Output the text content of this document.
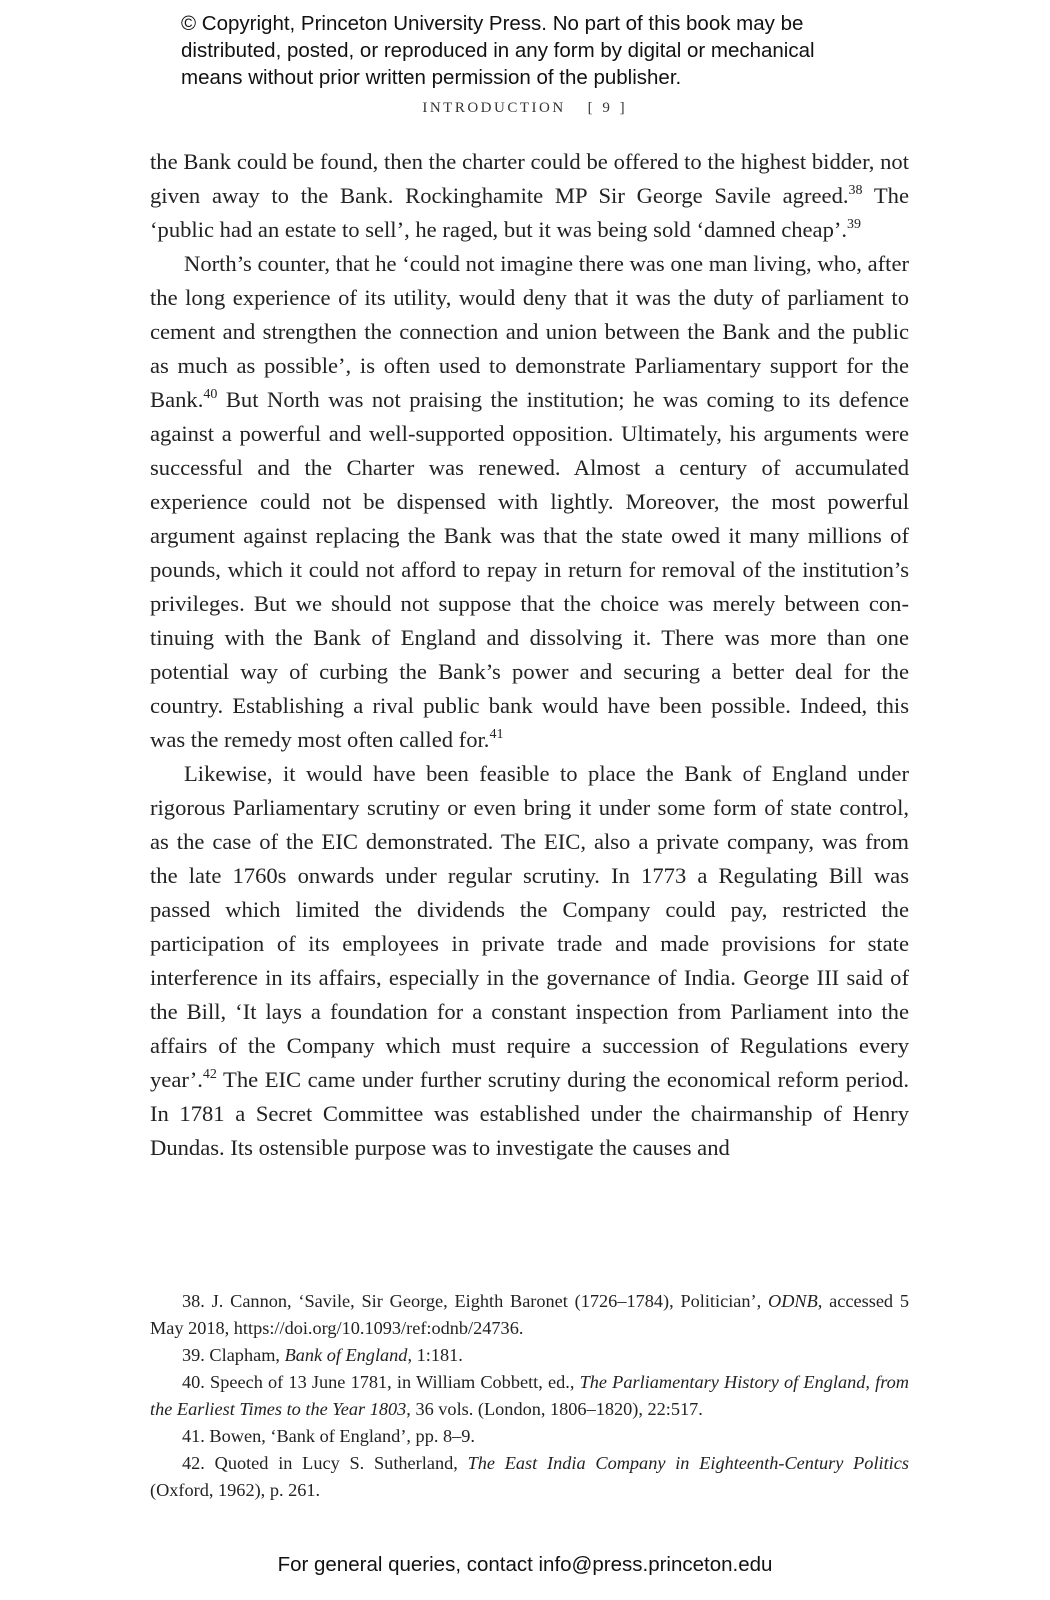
© Copyright, Princeton University Press. No part of this book may be
distributed, posted, or reproduced in any form by digital or mechanical
means without prior written permission of the publisher.
INTRODUCTION [ 9 ]

the Bank could be found, then the charter could be offered to the highest bidder, not given away to the Bank. Rockinghamite MP Sir George Savile agreed.$^{38}$ The ‘public had an estate to sell’, he raged, but it was being sold ‘damned cheap’.$^{39}$

North’s counter, that he ‘could not imagine there was one man living, who, after the long experience of its utility, would deny that it was the duty of parliament to cement and strengthen the connection and union between the Bank and the public as much as possible’, is often used to demonstrate Parliamentary support for the Bank.$^{40}$ But North was not praising the institution; he was coming to its defence against a powerful and well-supported opposition. Ultimately, his arguments were successful and the Charter was renewed. Almost a century of accumulated experience could not be dispensed with lightly. Moreover, the most powerful argument against replacing the Bank was that the state owed it many millions of pounds, which it could not afford to repay in return for removal of the institution’s privileges. But we should not suppose that the choice was merely between continuing with the Bank of England and dissolving it. There was more than one potential way of curbing the Bank’s power and securing a better deal for the country. Establishing a rival public bank would have been possible. Indeed, this was the remedy most often called for.$^{41}$

Likewise, it would have been feasible to place the Bank of England under rigorous Parliamentary scrutiny or even bring it under some form of state control, as the case of the EIC demonstrated. The EIC, also a private company, was from the late 1760s onwards under regular scrutiny. In 1773 a Regulating Bill was passed which limited the dividends the Company could pay, restricted the participation of its employees in private trade and made provisions for state interference in its affairs, especially in the governance of India. George III said of the Bill, ‘It lays a foundation for a constant inspection from Parliament into the affairs of the Company which must require a succession of Regulations every year’.$^{42}$ The EIC came under further scrutiny during the economical reform period. In 1781 a Secret Committee was established under the chairmanship of Henry Dundas. Its ostensible purpose was to investigate the causes and

38. J. Cannon, ‘Savile, Sir George, Eighth Baronet (1726–1784), Politician’, ODNB, accessed 5 May 2018, https://doi.org/10.1093/ref:odnb/24736.

39. Clapham, Bank of England, 1:181.

40. Speech of 13 June 1781, in William Cobbett, ed., The Parliamentary History of England, from the Earliest Times to the Year 1803, 36 vols. (London, 1806–1820), 22:517.

41. Bowen, ‘Bank of England’, pp. 8–9.

42. Quoted in Lucy S. Sutherland, The East India Company in Eighteenth-Century Politics (Oxford, 1962), p. 261.

For general queries, contact info@press.princeton.edu
